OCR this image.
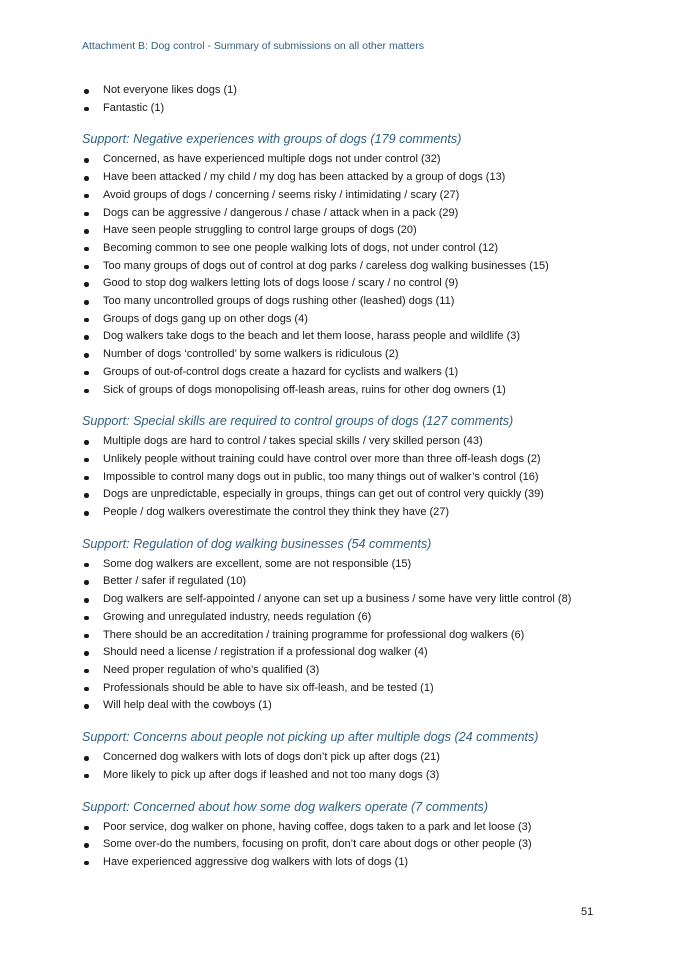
Attachment B: Dog control - Summary of submissions on all other matters
Not everyone likes dogs (1)
Fantastic (1)
Support: Negative experiences with groups of dogs (179 comments)
Concerned, as have experienced multiple dogs not under control (32)
Have been attacked / my child / my dog has been attacked by a group of dogs (13)
Avoid groups of dogs / concerning / seems risky / intimidating / scary (27)
Dogs can be aggressive / dangerous / chase / attack when in a pack (29)
Have seen people struggling to control large groups of dogs (20)
Becoming common to see one people walking lots of dogs, not under control (12)
Too many groups of dogs out of control at dog parks / careless dog walking businesses (15)
Good to stop dog walkers letting lots of dogs loose / scary / no control (9)
Too many uncontrolled groups of dogs rushing other (leashed) dogs (11)
Groups of dogs gang up on other dogs (4)
Dog walkers take dogs to the beach and let them loose, harass people and wildlife (3)
Number of dogs ‘controlled’ by some walkers is ridiculous (2)
Groups of out-of-control dogs create a hazard for cyclists and walkers (1)
Sick of groups of dogs monopolising off-leash areas, ruins for other dog owners (1)
Support: Special skills are required to control groups of dogs (127 comments)
Multiple dogs are hard to control / takes special skills / very skilled person (43)
Unlikely people without training could have control over more than three off-leash dogs (2)
Impossible to control many dogs out in public, too many things out of walker’s control (16)
Dogs are unpredictable, especially in groups, things can get out of control very quickly (39)
People / dog walkers overestimate the control they think they have (27)
Support: Regulation of dog walking businesses (54 comments)
Some dog walkers are excellent, some are not responsible (15)
Better / safer if regulated (10)
Dog walkers are self-appointed / anyone can set up a business / some have very little control (8)
Growing and unregulated industry, needs regulation (6)
There should be an accreditation / training programme for professional dog walkers (6)
Should need a license / registration if a professional dog walker (4)
Need proper regulation of who’s qualified (3)
Professionals should be able to have six off-leash, and be tested (1)
Will help deal with the cowboys (1)
Support: Concerns about people not picking up after multiple dogs (24 comments)
Concerned dog walkers with lots of dogs don’t pick up after dogs (21)
More likely to pick up after dogs if leashed and not too many dogs (3)
Support: Concerned about how some dog walkers operate (7 comments)
Poor service, dog walker on phone, having coffee, dogs taken to a park and let loose (3)
Some over-do the numbers, focusing on profit, don’t care about dogs or other people (3)
Have experienced aggressive dog walkers with lots of dogs (1)
51
